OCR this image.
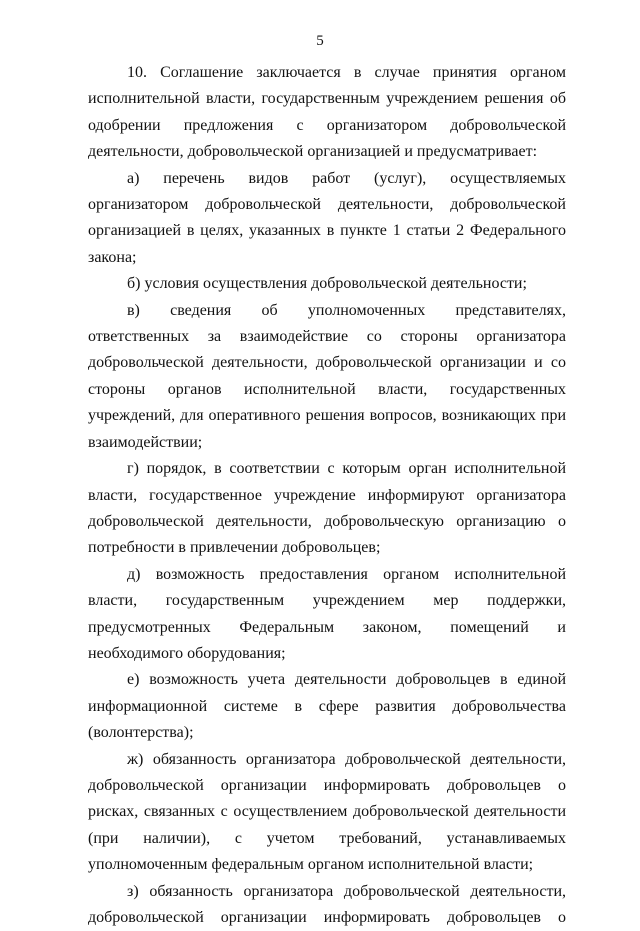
5

10. Соглашение заключается в случае принятия органом исполнительной власти, государственным учреждением решения об одобрении предложения с организатором добровольческой деятельности, добровольческой организацией и предусматривает:

а) перечень видов работ (услуг), осуществляемых организатором добровольческой деятельности, добровольческой организацией в целях, указанных в пункте 1 статьи 2 Федерального закона;

б) условия осуществления добровольческой деятельности;

в) сведения об уполномоченных представителях, ответственных за взаимодействие со стороны организатора добровольческой деятельности, добровольческой организации и со стороны органов исполнительной власти, государственных учреждений, для оперативного решения вопросов, возникающих при взаимодействии;

г) порядок, в соответствии с которым орган исполнительной власти, государственное учреждение информируют организатора добровольческой деятельности, добровольческую организацию о потребности в привлечении добровольцев;

д) возможность предоставления органом исполнительной власти, государственным учреждением мер поддержки, предусмотренных Федеральным законом, помещений и необходимого оборудования;

е) возможность учета деятельности добровольцев в единой информационной системе в сфере развития добровольчества (волонтерства);

ж) обязанность организатора добровольческой деятельности, добровольческой организации информировать добровольцев о рисках, связанных с осуществлением добровольческой деятельности (при наличии), с учетом требований, устанавливаемых уполномоченным федеральным органом исполнительной власти;

з) обязанность организатора добровольческой деятельности, добровольческой организации информировать добровольцев о
